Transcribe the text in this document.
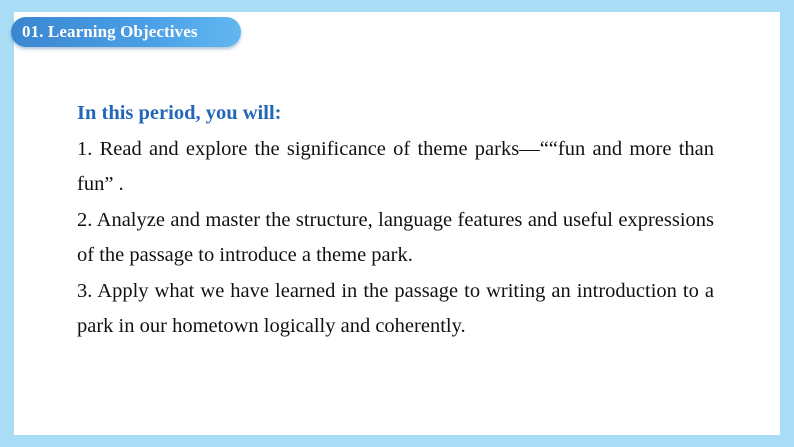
01. Learning Objectives
In this period, you will:
1. Read and explore the significance of theme parks—““fun and more than fun” .
2. Analyze and master the structure, language features and useful expressions of the passage to introduce a theme park.
3. Apply what we have learned in the passage to writing an introduction to a park in our hometown logically and coherently.
